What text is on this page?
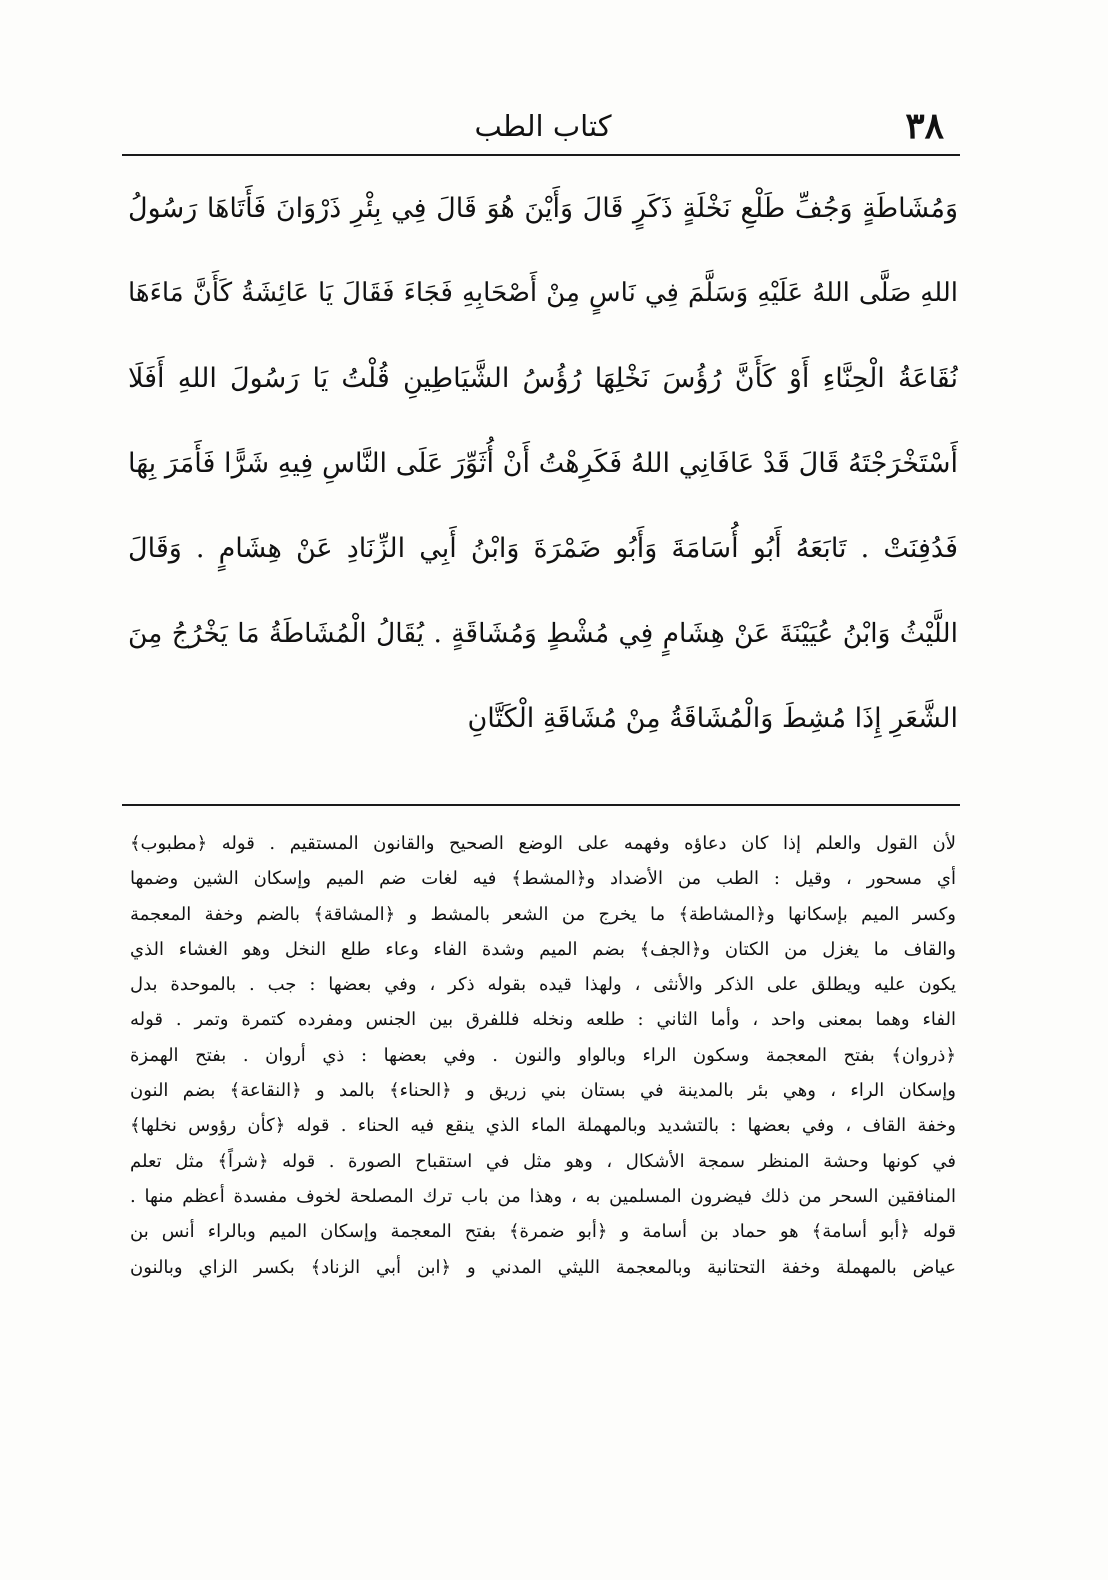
٣٨
كتاب الطب
وَمُشَاطَةٍ وَجُفِّ طَلْعِ نَخْلَةٍ ذَكَرٍ قَالَ وَأَيْنَ هُوَ قَالَ فِي بِئْرِ ذَرْوَانَ فَأَتَاهَا رَسُولُ
اللهِ صَلَّى اللهُ عَلَيْهِ وَسَلَّمَ فِي نَاسٍ مِنْ أَصْحَابِهِ فَجَاءَ فَقَالَ يَا عَائِشَةُ كَأَنَّ مَاءَهَا
نُقَاعَةُ الْحِنَّاءِ أَوْ كَأَنَّ رُؤُسَ نَخْلِهَا رُؤُسُ الشَّيَاطِينِ قُلْتُ يَا رَسُولَ اللهِ أَفَلَا
أَسْتَخْرَجْتَهُ قَالَ قَدْ عَافَانِي اللهُ فَكَرِهْتُ أَنْ أُثَوِّرَ عَلَى النَّاسِ فِيهِ شَرًّا فَأَمَرَ بِهَا
فَدُفِنَتْ . تَابَعَهُ أَبُو أُسَامَةَ وَأَبُو ضَمْرَةَ وَابْنُ أَبِي الزِّنَادِ عَنْ هِشَامٍ . وَقَالَ
اللَّيْثُ وَابْنُ عُيَيْنَةَ عَنْ هِشَامٍ فِي مُشْطٍ وَمُشَاقَةٍ . يُقَالُ الْمُشَاطَةُ مَا يَخْرُجُ مِنَ
الشَّعَرِ إِذَا مُشِطَ وَالْمُشَاقَةُ مِنْ مُشَاقَةِ الْكَتَّانِ
لأن القول والعلم إذا كان دعاؤه وفهمه على الوضع الصحيح والقانون المستقيم . قوله ﴿مطبوب﴾
أي مسحور ، وقيل : الطب من الأضداد و﴿المشط﴾ فيه لغات ضم الميم وإسكان الشين وضمها
وكسر الميم بإسكانها و﴿المشاطة﴾ ما يخرج من الشعر بالمشط و ﴿المشاقة﴾ بالضم وخفة المعجمة
والقاف ما يغزل من الكتان و﴿الجف﴾ بضم الميم وشدة الفاء وعاء طلع النخل وهو الغشاء الذي
يكون عليه ويطلق على الذكر والأنثى ، ولهذا قيده بقوله ذكر ، وفي بعضها : جب . بالموحدة بدل
الفاء وهما بمعنى واحد ، وأما الثاني : طلعه ونخله فللفرق بين الجنس ومفرده كتمرة وتمر . قوله
﴿ذروان﴾ بفتح المعجمة وسكون الراء وبالواو والنون . وفي بعضها : ذي أروان . بفتح الهمزة
وإسكان الراء ، وهي بئر بالمدينة في بستان بني زريق و ﴿الحناء﴾ بالمد و ﴿النقاعة﴾ بضم النون
وخفة القاف ، وفي بعضها : بالتشديد وبالمهملة الماء الذي ينقع فيه الحناء . قوله ﴿كأن رؤوس نخلها﴾
في كونها وحشة المنظر سمجة الأشكال ، وهو مثل في استقباح الصورة . قوله ﴿شراً﴾ مثل تعلم
المنافقين السحر من ذلك فيضرون المسلمين به ، وهذا من باب ترك المصلحة لخوف مفسدة أعظم منها .
قوله ﴿أبو أسامة﴾ هو حماد بن أسامة و ﴿أبو ضمرة﴾ بفتح المعجمة وإسكان الميم وبالراء أنس بن
عياض بالمهملة وخفة التحتانية وبالمعجمة الليثي المدني و ﴿ابن أبي الزناد﴾ بكسر الزاي وبالنون
